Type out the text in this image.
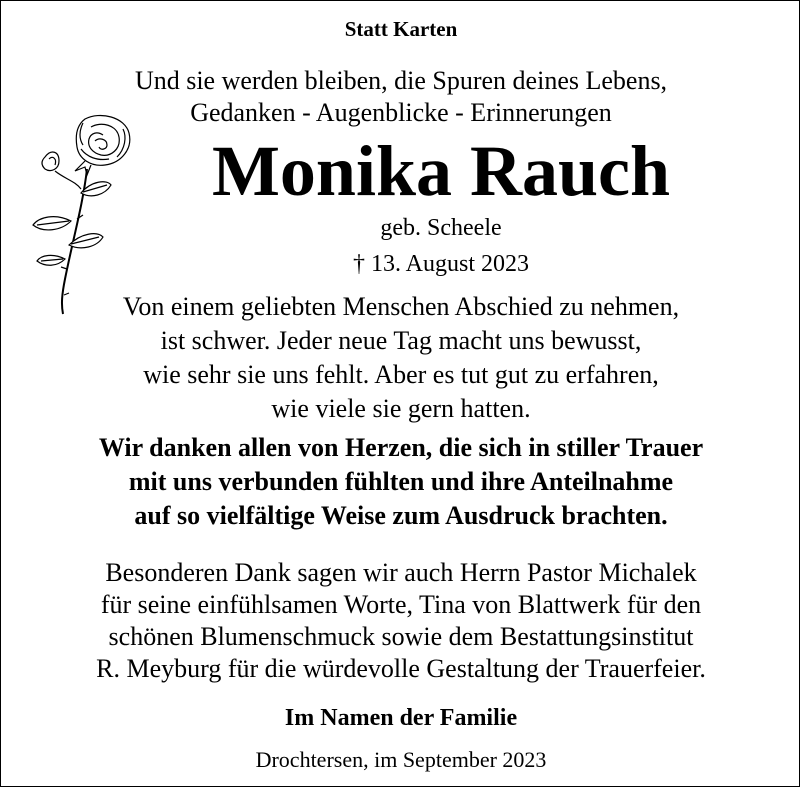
Statt Karten
Und sie werden bleiben, die Spuren deines Lebens,
Gedanken - Augenblicke - Erinnerungen
Monika Rauch
geb. Scheele
† 13. August 2023
Von einem geliebten Menschen Abschied zu nehmen,
ist schwer. Jeder neue Tag macht uns bewusst,
wie sehr sie uns fehlt. Aber es tut gut zu erfahren,
wie viele sie gern hatten.
Wir danken allen von Herzen, die sich in stiller Trauer
mit uns verbunden fühlten und ihre Anteilnahme
auf so vielfältige Weise zum Ausdruck brachten.
Besonderen Dank sagen wir auch Herrn Pastor Michalek
für seine einfühlsamen Worte, Tina von Blattwerk für den
schönen Blumenschmuck sowie dem Bestattungsinstitut
R. Meyburg für die würdevolle Gestaltung der Trauerfeier.
Im Namen der Familie
Drochtersen, im September 2023
